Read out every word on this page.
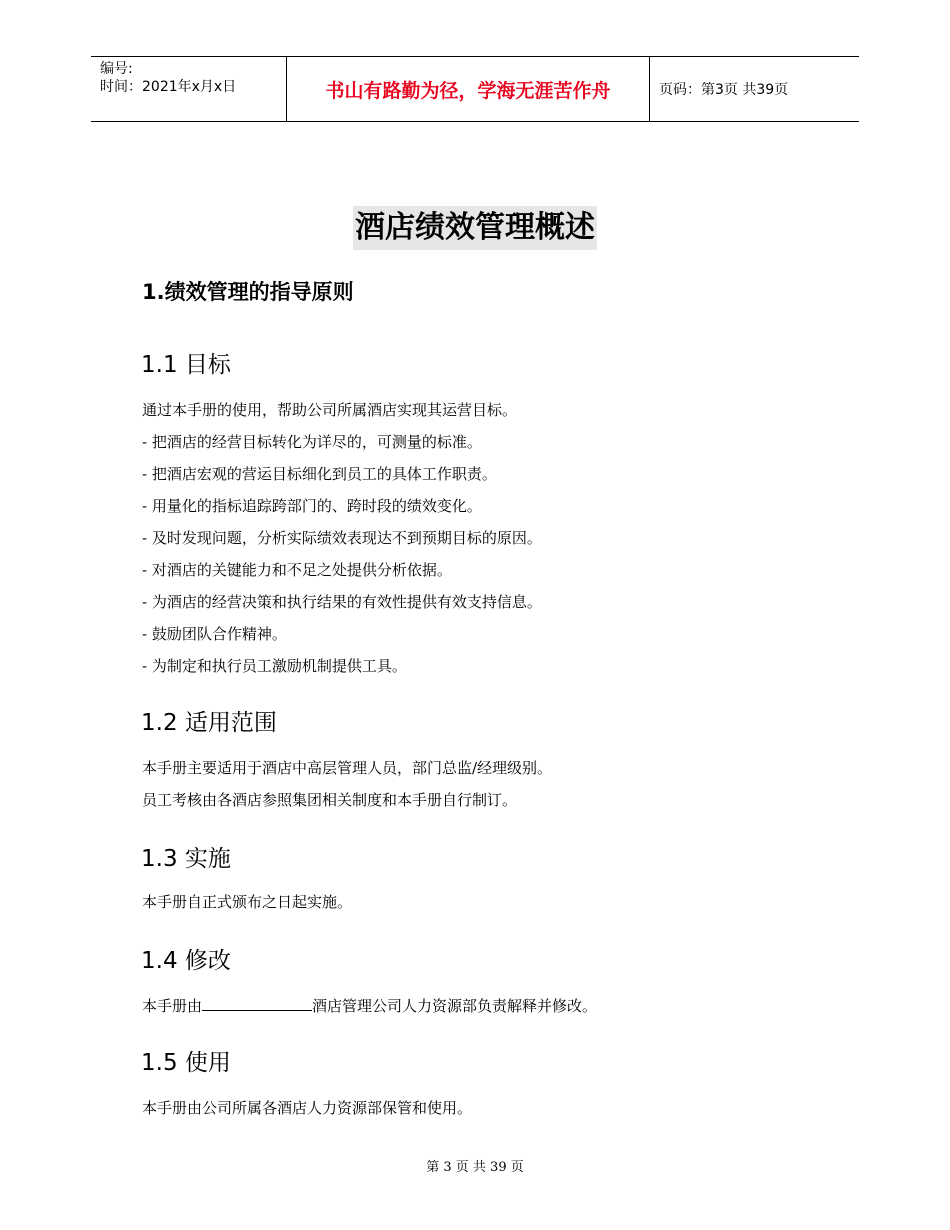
编号:
时间：2021年x月x日	书山有路勤为径，学海无涯苦作舟	页码：第3页 共39页
酒店绩效管理概述
1.绩效管理的指导原则
1.1 目标
通过本手册的使用，帮助公司所属酒店实现其运营目标。
- 把酒店的经营目标转化为详尽的，可测量的标准。
- 把酒店宏观的营运目标细化到员工的具体工作职责。
- 用量化的指标追踪跨部门的、跨时段的绩效变化。
- 及时发现问题，分析实际绩效表现达不到预期目标的原因。
- 对酒店的关键能力和不足之处提供分析依据。
- 为酒店的经营决策和执行结果的有效性提供有效支持信息。
- 鼓励团队合作精神。
- 为制定和执行员工激励机制提供工具。
1.2 适用范围
本手册主要适用于酒店中高层管理人员，部门总监/经理级别。
员工考核由各酒店参照集团相关制度和本手册自行制订。
1.3 实施
本手册自正式颁布之日起实施。
1.4 修改
本手册由	酒店管理公司人力资源部负责解释并修改。
1.5 使用
本手册由公司所属各酒店人力资源部保管和使用。
第 3 页 共 39 页
